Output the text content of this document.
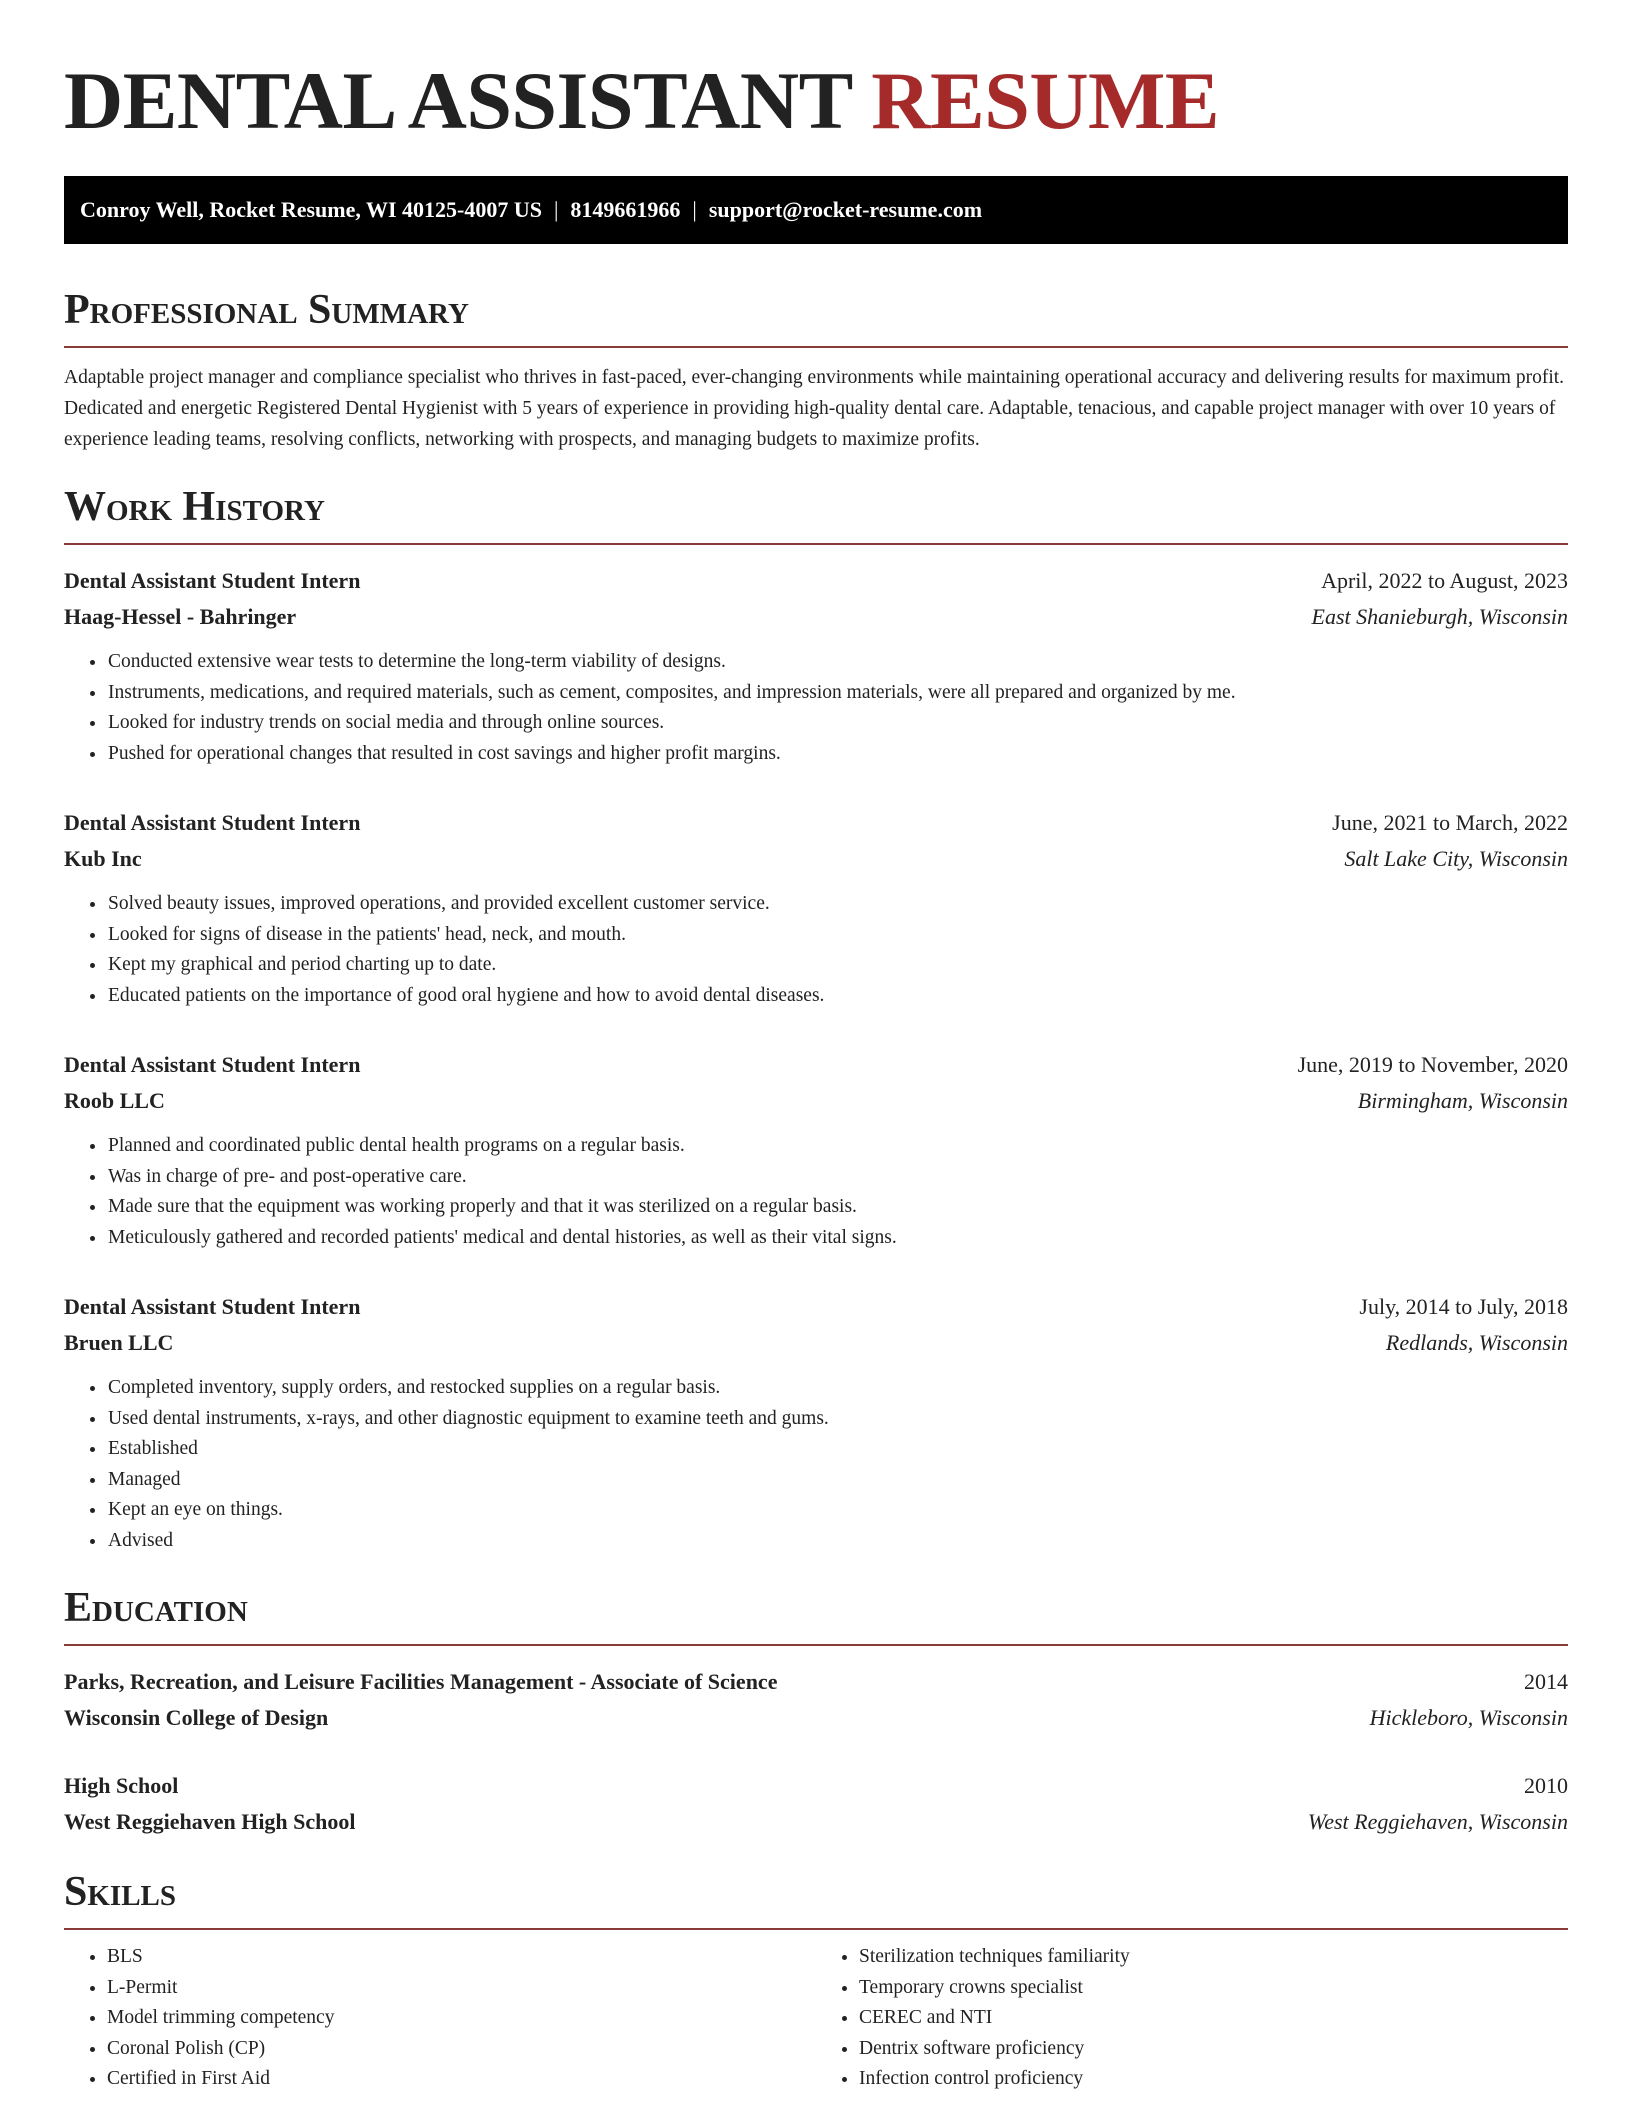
DENTAL ASSISTANT RESUME
Conroy Well, Rocket Resume, WI 40125-4007 US | 8149661966 | support@rocket-resume.com
Professional Summary

Adaptable project manager and compliance specialist who thrives in fast-paced, ever-changing environments while maintaining operational accuracy and delivering results for maximum profit. Dedicated and energetic Registered Dental Hygienist with 5 years of experience in providing high-quality dental care. Adaptable, tenacious, and capable project manager with over 10 years of experience leading teams, resolving conflicts, networking with prospects, and managing budgets to maximize profits.

Work History
Dental Assistant Student Intern	April, 2022 to August, 2023
Haag-Hessel - Bahringer	East Shanieburgh, Wisconsin
• Conducted extensive wear tests to determine the long-term viability of designs.
• Instruments, medications, and required materials, such as cement, composites, and impression materials, were all prepared and organized by me.
• Looked for industry trends on social media and through online sources.
• Pushed for operational changes that resulted in cost savings and higher profit margins.
Dental Assistant Student Intern	June, 2021 to March, 2022
Kub Inc	Salt Lake City, Wisconsin
• Solved beauty issues, improved operations, and provided excellent customer service.
• Looked for signs of disease in the patients' head, neck, and mouth.
• Kept my graphical and period charting up to date.
• Educated patients on the importance of good oral hygiene and how to avoid dental diseases.
Dental Assistant Student Intern	June, 2019 to November, 2020
Roob LLC	Birmingham, Wisconsin
• Planned and coordinated public dental health programs on a regular basis.
• Was in charge of pre- and post-operative care.
• Made sure that the equipment was working properly and that it was sterilized on a regular basis.
• Meticulously gathered and recorded patients' medical and dental histories, as well as their vital signs.
Dental Assistant Student Intern	July, 2014 to July, 2018
Bruen LLC	Redlands, Wisconsin
• Completed inventory, supply orders, and restocked supplies on a regular basis.
• Used dental instruments, x-rays, and other diagnostic equipment to examine teeth and gums.
• Established
• Managed
• Kept an eye on things.
• Advised
Education
Parks, Recreation, and Leisure Facilities Management - Associate of Science	2014
Wisconsin College of Design	Hickleboro, Wisconsin
High School	2010
West Reggiehaven High School	West Reggiehaven, Wisconsin
Skills
• BLS
• L-Permit
• Model trimming competency
• Coronal Polish (CP)
• Certified in First Aid
• Sterilization techniques familiarity
• Temporary crowns specialist
• CEREC and NTI
• Dentrix software proficiency
• Infection control proficiency
